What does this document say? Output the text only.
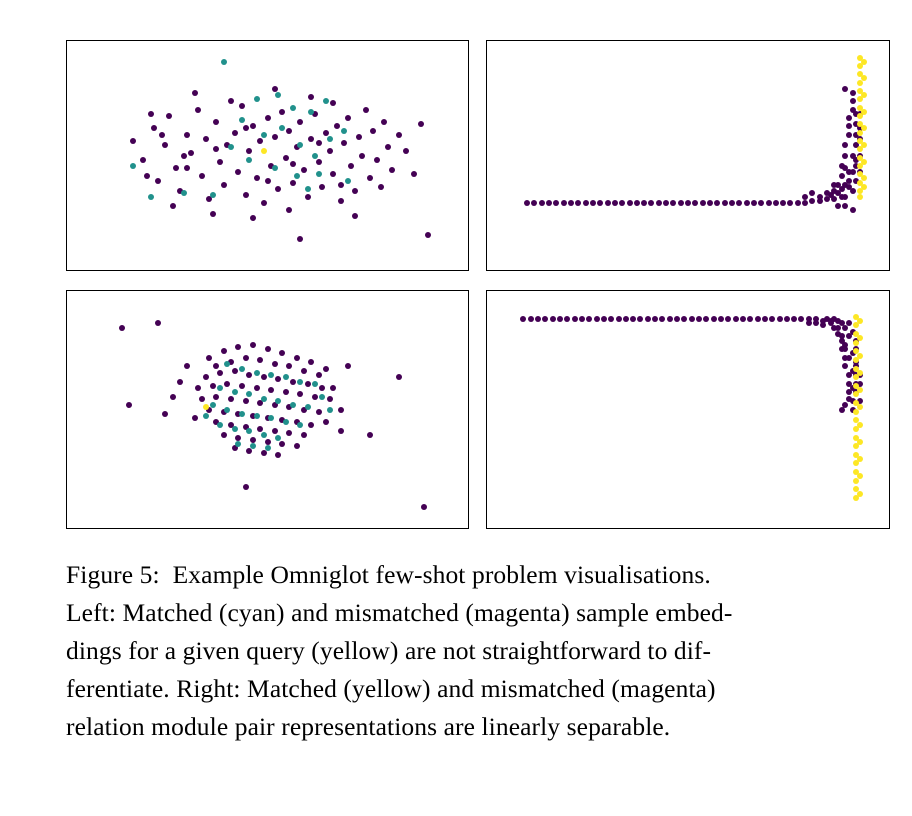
Figure 5:  Example Omniglot few-shot problem visualisations.

Left: Matched (cyan) and mismatched (magenta) sample embed-

dings for a given query (yellow) are not straightforward to dif-

ferentiate. Right: Matched (yellow) and mismatched (magenta)

relation module pair representations are linearly separable.
